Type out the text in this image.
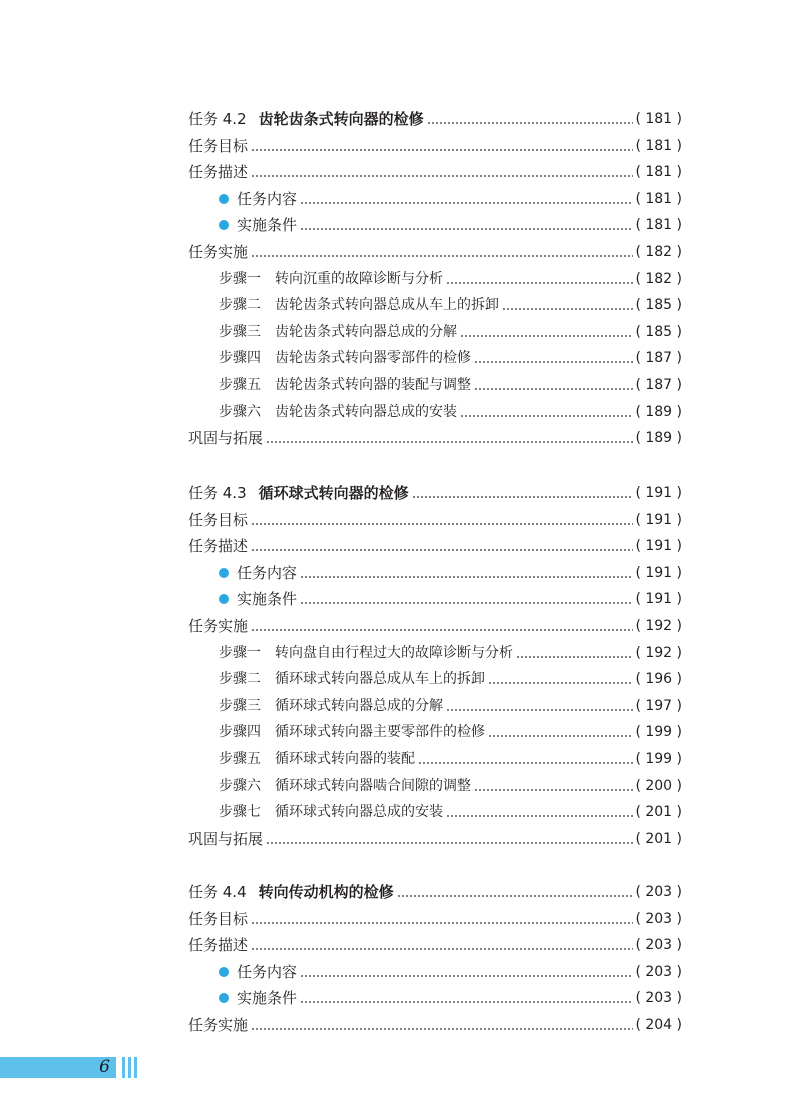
任务 4.2 齿轮齿条式转向器的检修	( 181 )
任务目标	( 181 )
任务描述	( 181 )
任务内容	( 181 )
实施条件	( 181 )
任务实施	( 182 )
步骤一 转向沉重的故障诊断与分析	( 182 )
步骤二 齿轮齿条式转向器总成从车上的拆卸	( 185 )
步骤三 齿轮齿条式转向器总成的分解	( 185 )
步骤四 齿轮齿条式转向器零部件的检修	( 187 )
步骤五 齿轮齿条式转向器的装配与调整	( 187 )
步骤六 齿轮齿条式转向器总成的安装	( 189 )
巩固与拓展	( 189 )
任务 4.3 循环球式转向器的检修	( 191 )
任务目标	( 191 )
任务描述	( 191 )
任务内容	( 191 )
实施条件	( 191 )
任务实施	( 192 )
步骤一 转向盘自由行程过大的故障诊断与分析	( 192 )
步骤二 循环球式转向器总成从车上的拆卸	( 196 )
步骤三 循环球式转向器总成的分解	( 197 )
步骤四 循环球式转向器主要零部件的检修	( 199 )
步骤五 循环球式转向器的装配	( 199 )
步骤六 循环球式转向器啮合间隙的调整	( 200 )
步骤七 循环球式转向器总成的安装	( 201 )
巩固与拓展	( 201 )
任务 4.4 转向传动机构的检修	( 203 )
任务目标	( 203 )
任务描述	( 203 )
任务内容	( 203 )
实施条件	( 203 )
任务实施	( 204 )
6
